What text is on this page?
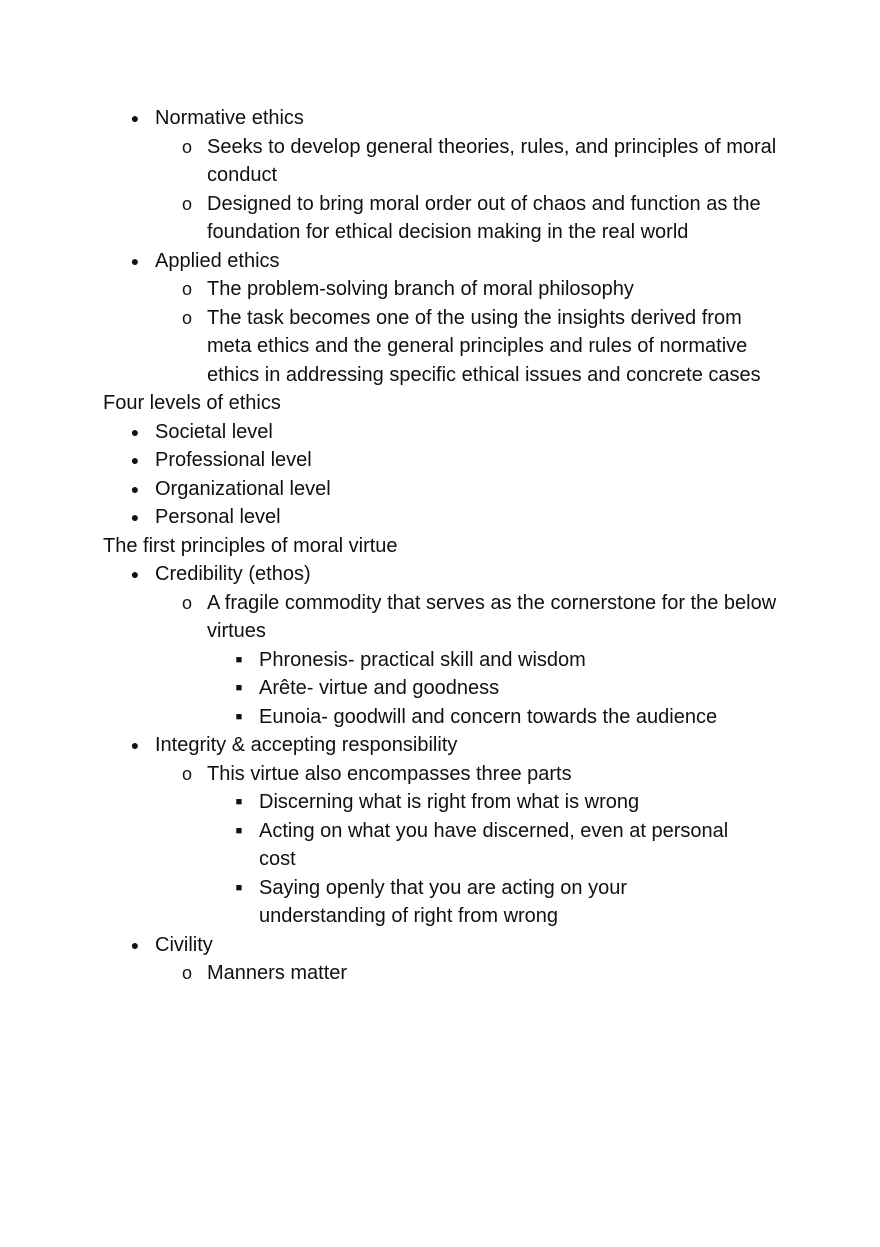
● Normative ethics
o Seeks to develop general theories, rules, and principles of moral conduct
o Designed to bring moral order out of chaos and function as the foundation for ethical decision making in the real world
● Applied ethics
o The problem-solving branch of moral philosophy
o The task becomes one of the using the insights derived from meta ethics and the general principles and rules of normative ethics in addressing specific ethical issues and concrete cases
Four levels of ethics
● Societal level
● Professional level
● Organizational level
● Personal level
The first principles of moral virtue
● Credibility (ethos)
o A fragile commodity that serves as the cornerstone for the below virtues
■ Phronesis- practical skill and wisdom
■ Arête- virtue and goodness
■ Eunoia- goodwill and concern towards the audience
● Integrity & accepting responsibility
o This virtue also encompasses three parts
■ Discerning what is right from what is wrong
■ Acting on what you have discerned, even at personal cost
■ Saying openly that you are acting on your understanding of right from wrong
● Civility
o Manners matter
